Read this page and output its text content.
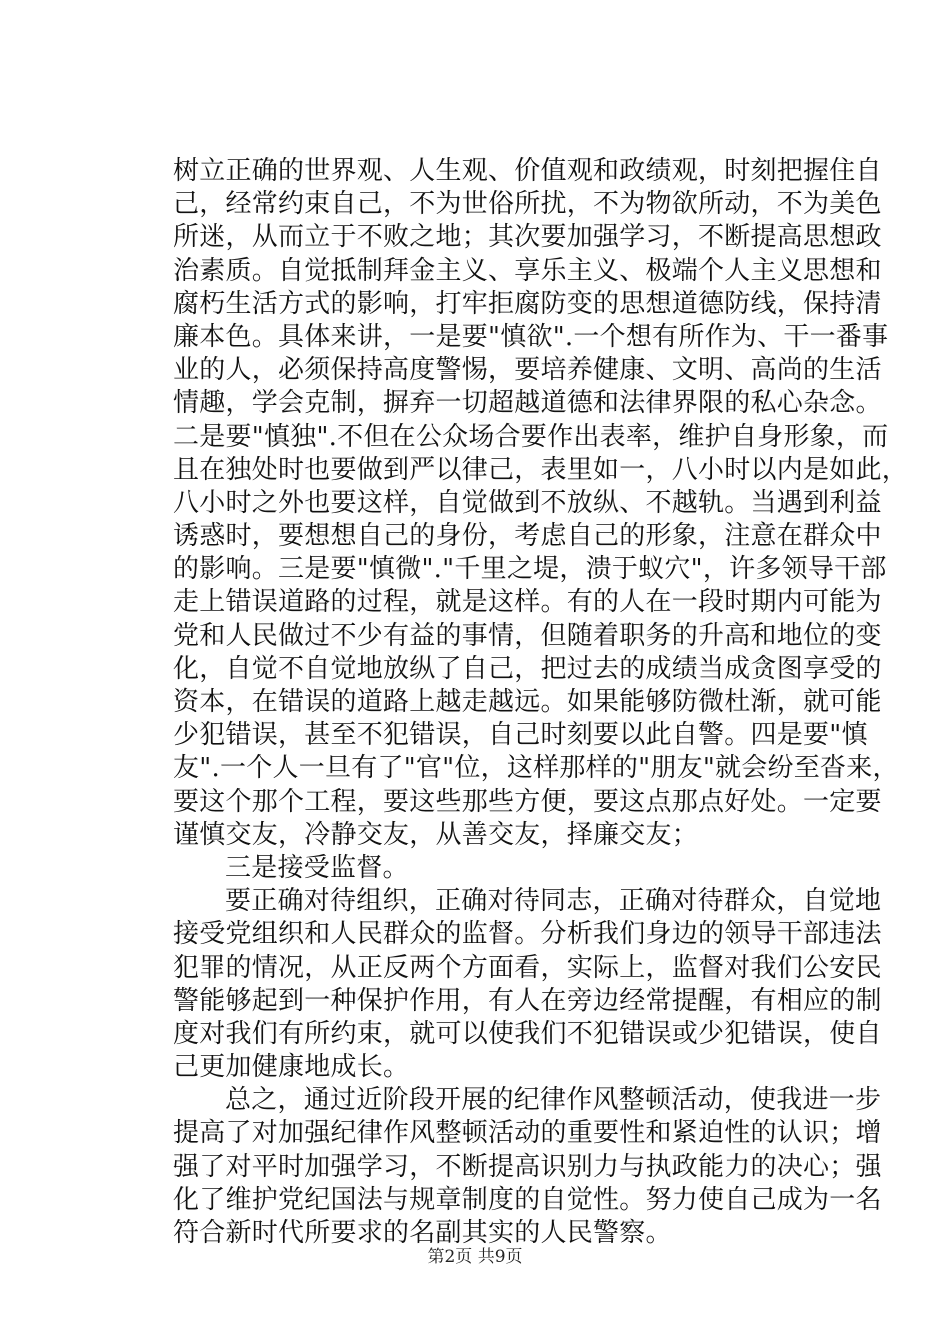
树立正确的世界观、人生观、价值观和政绩观，时刻把握住自
己，经常约束自己，不为世俗所扰，不为物欲所动，不为美色
所迷，从而立于不败之地；其次要加强学习，不断提高思想政
治素质。自觉抵制拜金主义、享乐主义、极端个人主义思想和
腐朽生活方式的影响，打牢拒腐防变的思想道德防线，保持清
廉本色。具体来讲，一是要"慎欲".一个想有所作为、干一番事
业的人，必须保持高度警惕，要培养健康、文明、高尚的生活
情趣，学会克制，摒弃一切超越道德和法律界限的私心杂念。
二是要"慎独".不但在公众场合要作出表率，维护自身形象，而
且在独处时也要做到严以律己，表里如一，八小时以内是如此，
八小时之外也要这样，自觉做到不放纵、不越轨。当遇到利益
诱惑时，要想想自己的身份，考虑自己的形象，注意在群众中
的影响。三是要"慎微"."千里之堤，溃于蚁穴"，许多领导干部
走上错误道路的过程，就是这样。有的人在一段时期内可能为
党和人民做过不少有益的事情，但随着职务的升高和地位的变
化，自觉不自觉地放纵了自己，把过去的成绩当成贪图享受的
资本，在错误的道路上越走越远。如果能够防微杜渐，就可能
少犯错误，甚至不犯错误，自己时刻要以此自警。四是要"慎
友".一个人一旦有了"官"位，这样那样的"朋友"就会纷至沓来，
要这个那个工程，要这些那些方便，要这点那点好处。一定要
谨慎交友，冷静交友，从善交友，择廉交友；
三是接受监督。
要正确对待组织，正确对待同志，正确对待群众，自觉地
接受党组织和人民群众的监督。分析我们身边的领导干部违法
犯罪的情况，从正反两个方面看，实际上，监督对我们公安民
警能够起到一种保护作用，有人在旁边经常提醒，有相应的制
度对我们有所约束，就可以使我们不犯错误或少犯错误，使自
己更加健康地成长。
总之，通过近阶段开展的纪律作风整顿活动，使我进一步
提高了对加强纪律作风整顿活动的重要性和紧迫性的认识；增
强了对平时加强学习，不断提高识别力与执政能力的决心；强
化了维护党纪国法与规章制度的自觉性。努力使自己成为一名
符合新时代所要求的名副其实的人民警察。
第2页 共9页
